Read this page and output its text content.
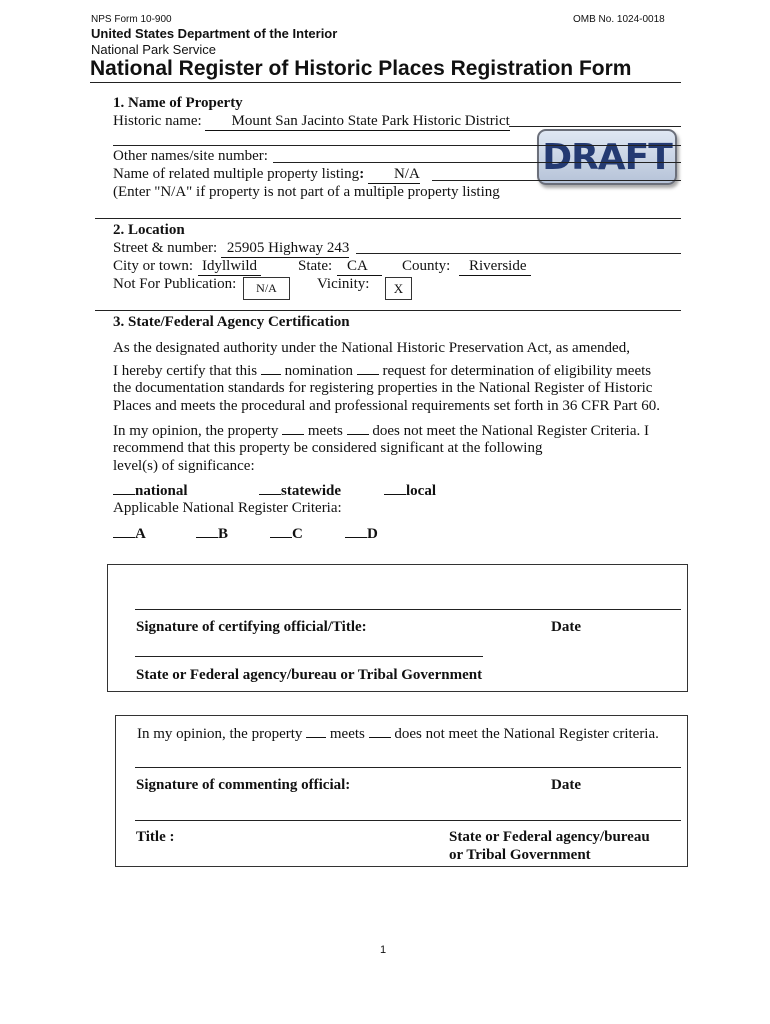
NPS Form 10-900	OMB No. 1024-0018
United States Department of the Interior
National Park Service
National Register of Historic Places Registration Form
DRAFT
1. Name of Property
Historic name: Mount San Jacinto State Park Historic District
Other names/site number:
Name of related multiple property listing: N/A
(Enter "N/A" if property is not part of a multiple property listing
2. Location
Street & number: 25905 Highway 243
City or town: Idyllwild	State: CA	County:	Riverside
Not For Publication:	N/A	Vicinity:	X
3. State/Federal Agency Certification
As the designated authority under the National Historic Preservation Act, as amended,
I hereby certify that this nomination request for determination of eligibility meets
the documentation standards for registering properties in the National Register of Historic
Places and meets the procedural and professional requirements set forth in 36 CFR Part 60.
In my opinion, the property meets does not meet the National Register Criteria. I
recommend that this property be considered significant at the following
level(s) of significance:
national	statewide	local
Applicable National Register Criteria:
A	B	C	D
Signature of certifying official/Title:	Date
State or Federal agency/bureau or Tribal Government
In my opinion, the property meets does not meet the National Register criteria.
Signature of commenting official:	Date
Title :	State or Federal agency/bureau
or Tribal Government
1
